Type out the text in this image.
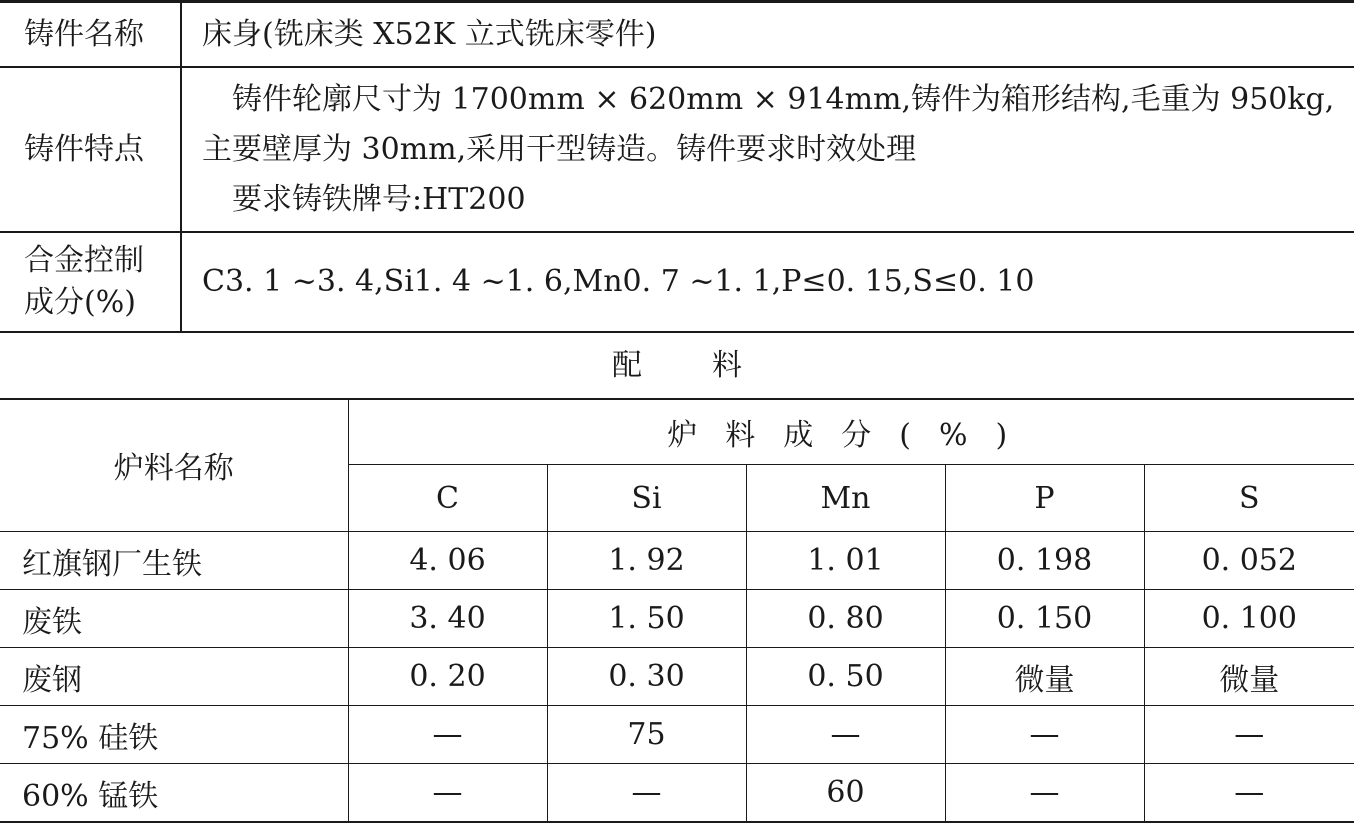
铸件名称	床身(铣床类 X52K 立式铣床零件)
铸件特点	铸件轮廓尺寸为 1700mm × 620mm × 914mm,铸件为箱形结构,毛重为 950kg,
主要壁厚为 30mm,采用干型铸造。铸件要求时效处理
要求铸铁牌号:HT200

合金控制
成分(%)	C3. 1 ~3. 4,Si1. 4 ~1. 6,Mn0. 7 ~1. 1,P≤0. 15,S≤0. 10
配料
炉料名称	炉料成分(%)				
	C	Si	Mn	P	S
红旗钢厂生铁	4. 06	1. 92	1. 01	0. 198	0. 052
废铁	3. 40	1. 50	0. 80	0. 150	0. 100
废钢	0. 20	0. 30	0. 50	微量	微量
75% 硅铁	—	75	—	—	—
60% 锰铁	—	—	60	—	—
